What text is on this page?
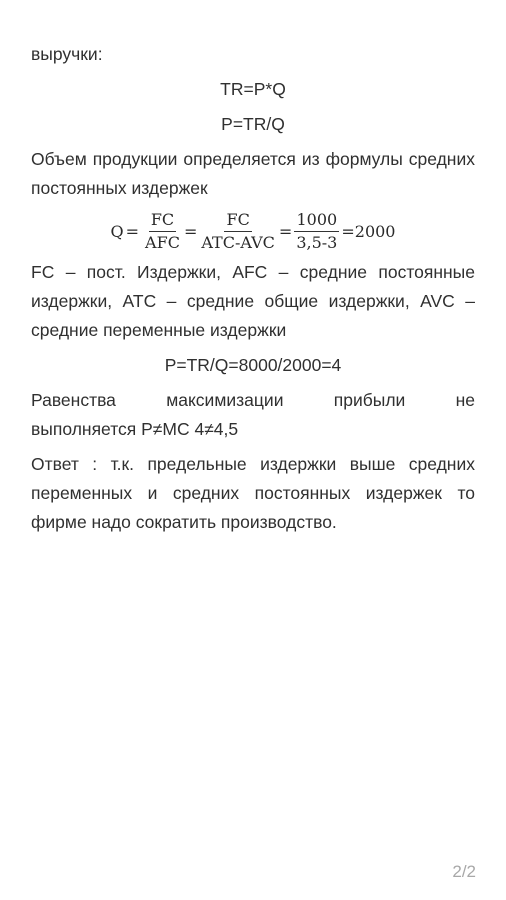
выручки:

TR=P*Q

P=TR/Q

Объем продукции определяется из формулы средних постоянных издержек

$Q = \frac{FC}{\text{AFC}} = \frac{FC}{\text{ATC-AVC}} = \frac{1000}{3,5-3} =2000$

FC – пост. Издержки, AFC – средние постоянные издержки, ATC – средние общие издержки, AVC – средние переменные издержки

P=TR/Q=8000/2000=4

Равенства максимизации прибыли не

выполняется P≠MC 4≠4,5

Ответ : т.к. предельные издержки выше средних переменных и средних постоянных издержек то фирме надо сократить производство.

2/2
